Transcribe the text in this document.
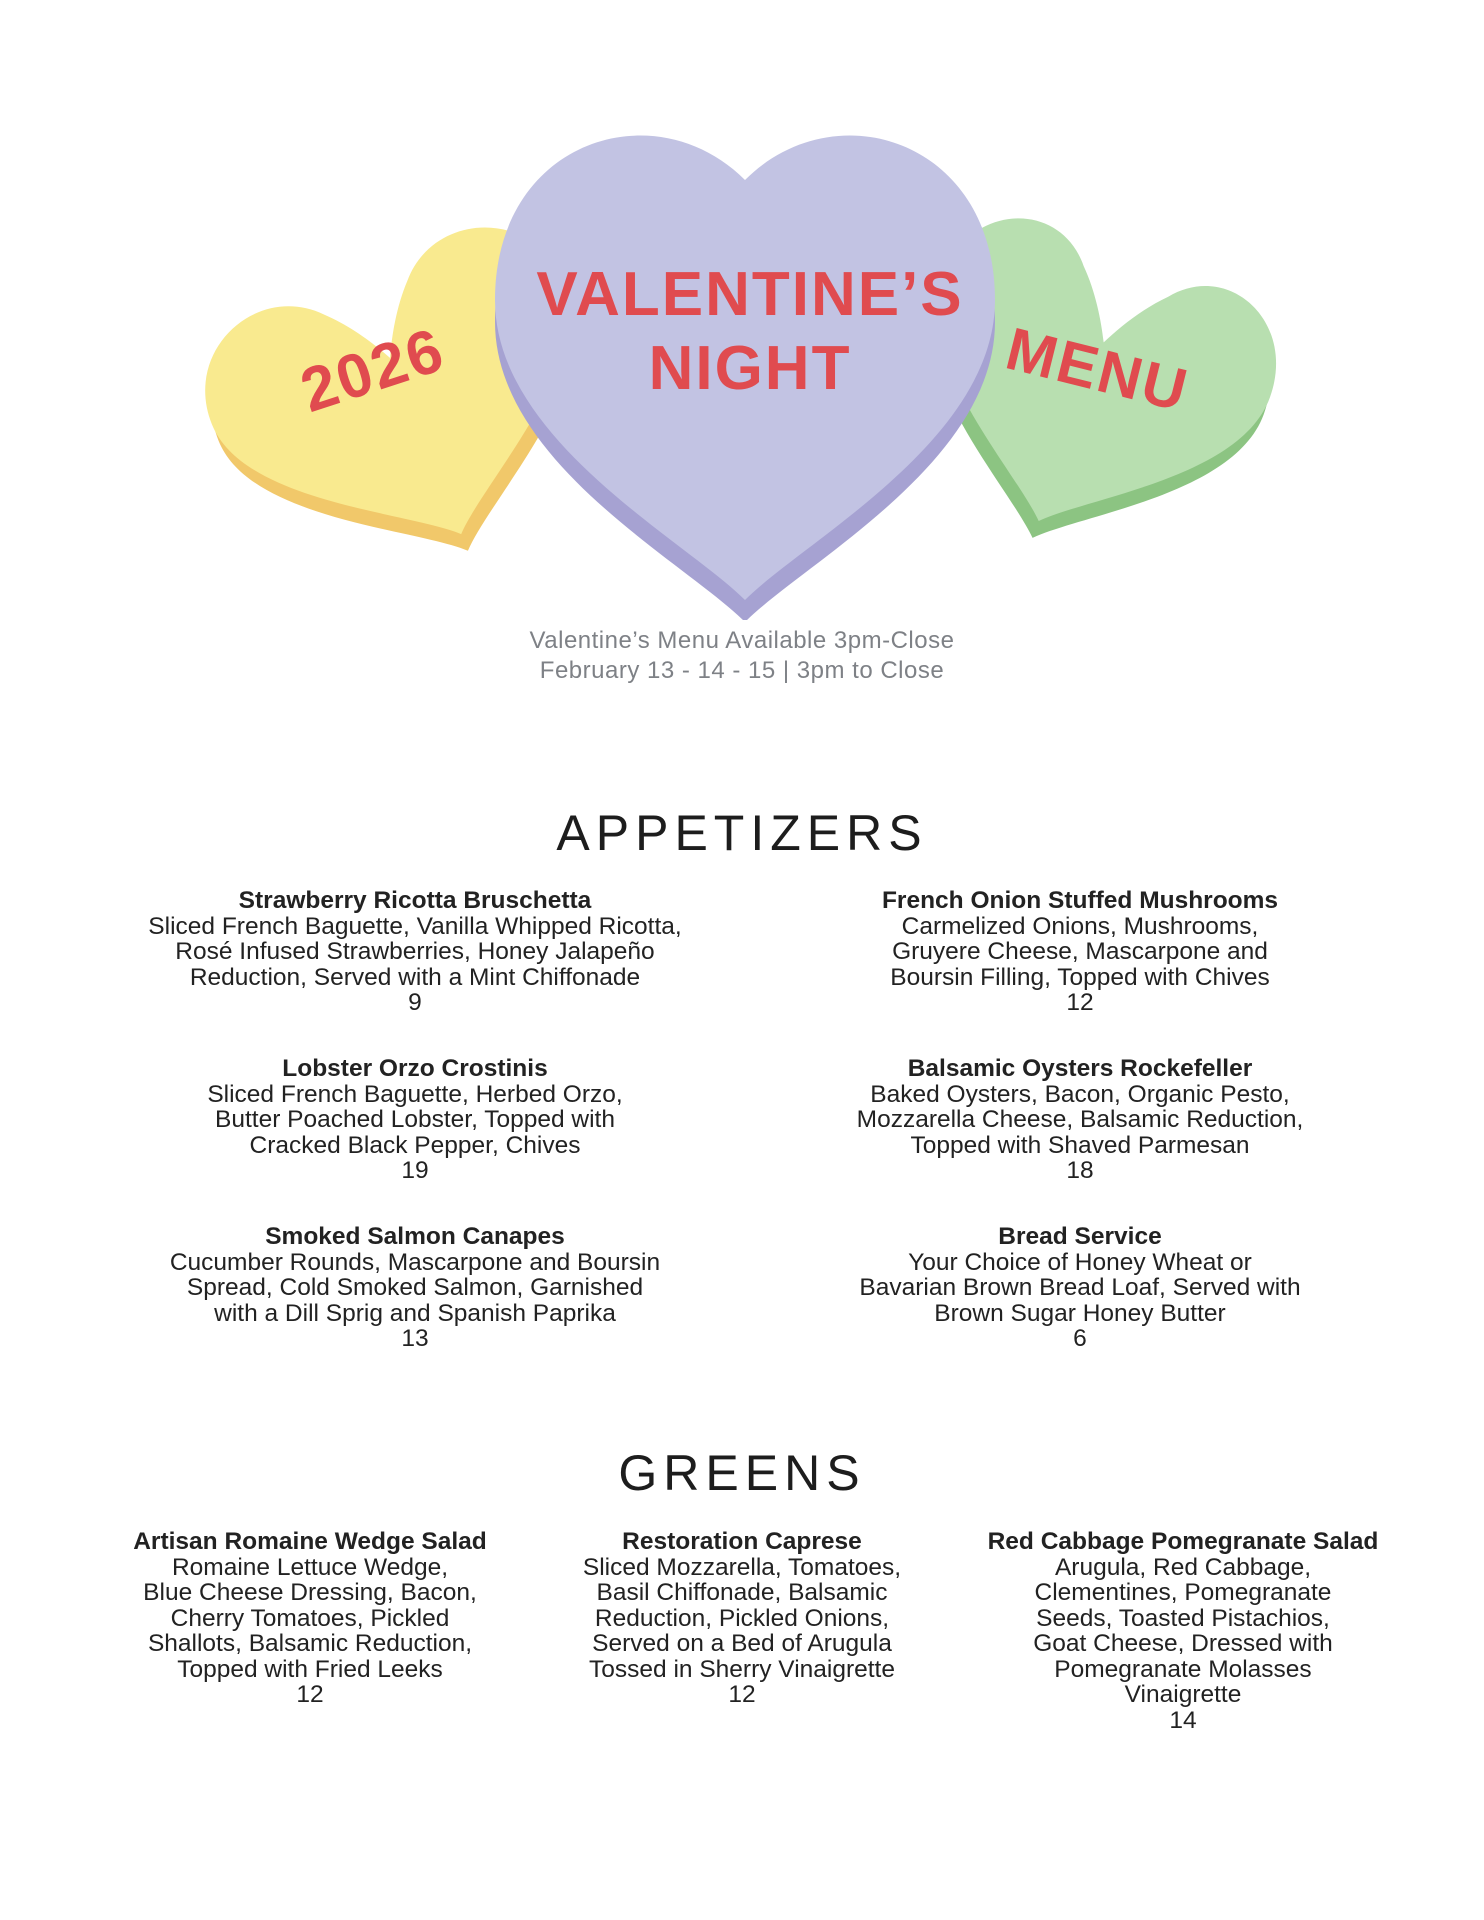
2026
VALENTINE’S
NIGHT	MENU
Valentine’s Menu Available 3pm-Close
February 13 - 14 - 15 | 3pm to Close
APPETIZERS
Strawberry Ricotta Bruschetta
Sliced French Baguette, Vanilla Whipped Ricotta,
Rosé Infused Strawberries, Honey Jalapeño
Reduction, Served with a Mint Chiffonade
9
French Onion Stuffed Mushrooms
Carmelized Onions, Mushrooms,
Gruyere Cheese, Mascarpone and
Boursin Filling, Topped with Chives
12
Lobster Orzo Crostinis
Sliced French Baguette, Herbed Orzo,
Butter Poached Lobster, Topped with
Cracked Black Pepper, Chives
19
Balsamic Oysters Rockefeller
Baked Oysters, Bacon, Organic Pesto,
Mozzarella Cheese, Balsamic Reduction,
Topped with Shaved Parmesan
18
Smoked Salmon Canapes
Cucumber Rounds, Mascarpone and Boursin
Spread, Cold Smoked Salmon, Garnished
with a Dill Sprig and Spanish Paprika
13
Bread Service
Your Choice of Honey Wheat or
Bavarian Brown Bread Loaf, Served with
Brown Sugar Honey Butter
6
GREENS
Artisan Romaine Wedge Salad
Romaine Lettuce Wedge,
Blue Cheese Dressing, Bacon,
Cherry Tomatoes, Pickled
Shallots, Balsamic Reduction,
Topped with Fried Leeks
12
Restoration Caprese
Sliced Mozzarella, Tomatoes,
Basil Chiffonade, Balsamic
Reduction, Pickled Onions,
Served on a Bed of Arugula
Tossed in Sherry Vinaigrette
12
Red Cabbage Pomegranate Salad
Arugula, Red Cabbage,
Clementines, Pomegranate
Seeds, Toasted Pistachios,
Goat Cheese, Dressed with
Pomegranate Molasses
Vinaigrette
14
